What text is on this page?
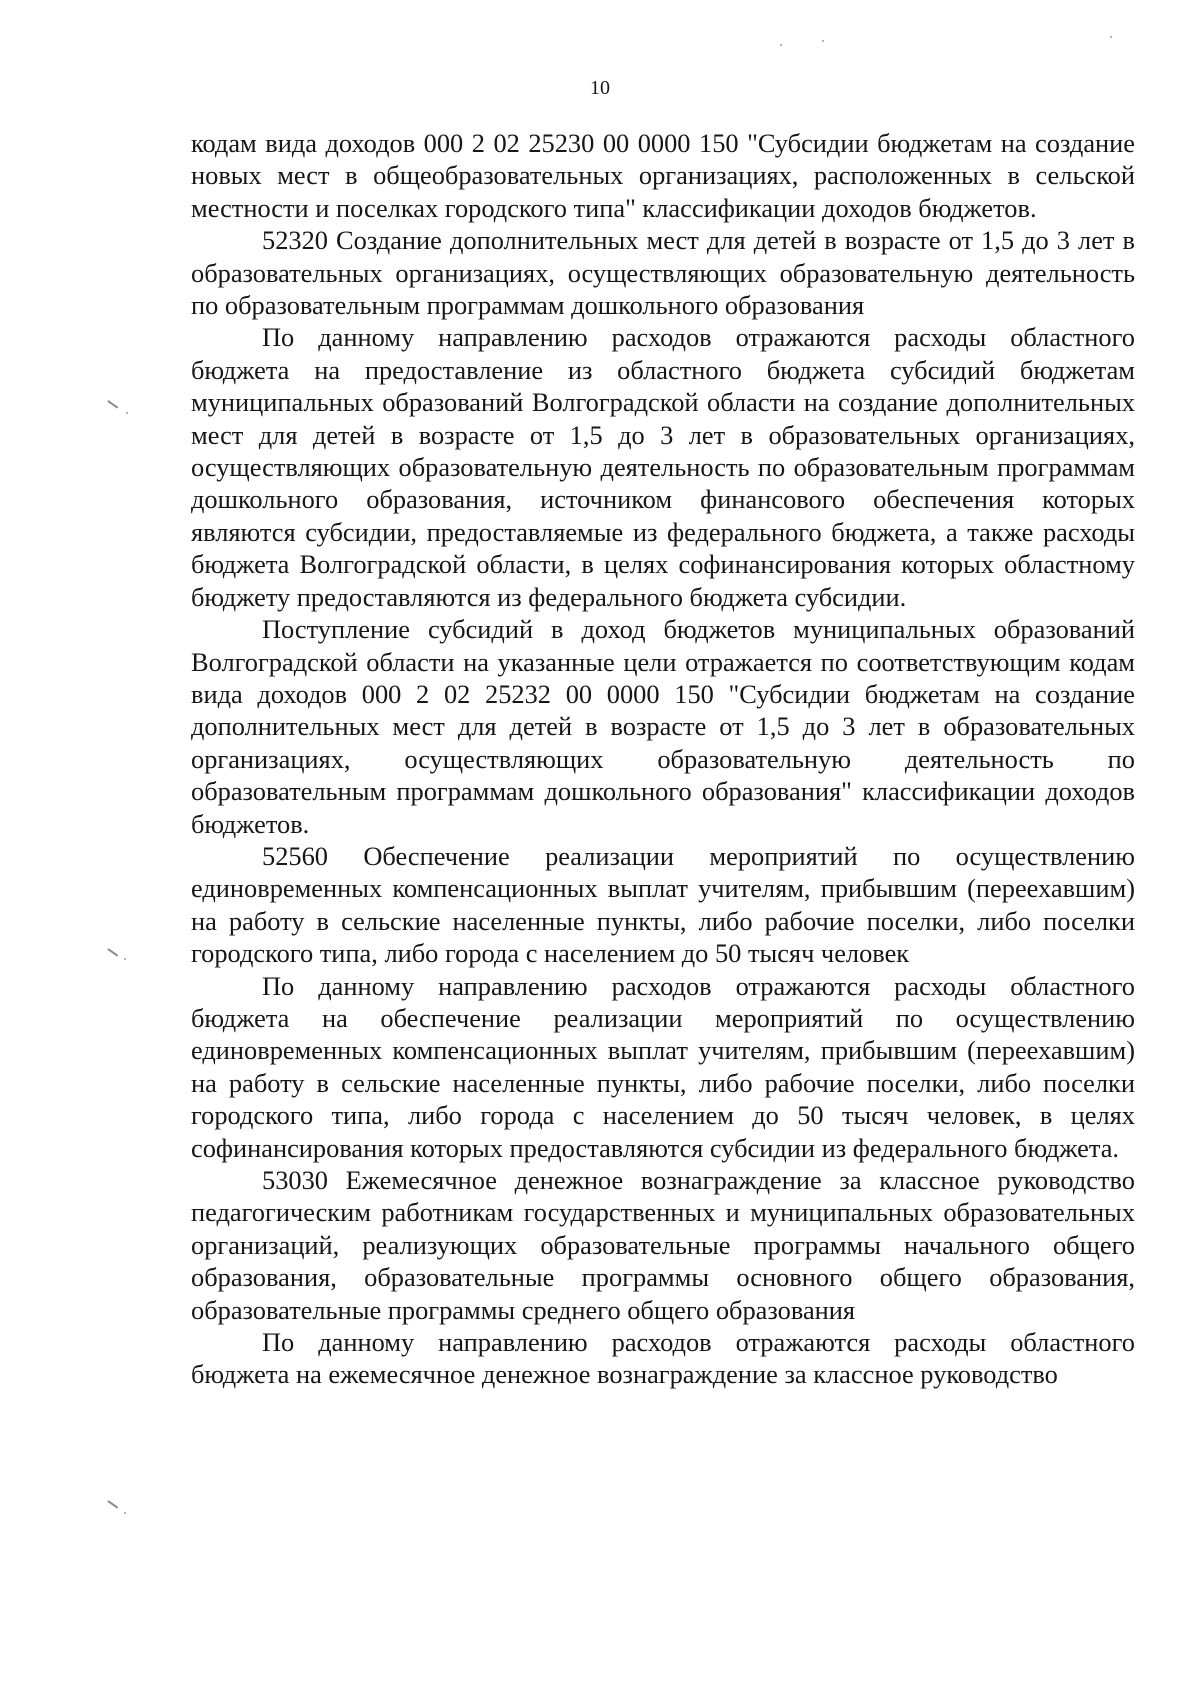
10

кодам вида доходов 000 2 02 25230 00 0000 150 "Субсидии бюджетам на создание новых мест в общеобразовательных организациях, расположенных в сельской местности и поселках городского типа" классификации доходов бюджетов.

52320 Создание дополнительных мест для детей в возрасте от 1,5 до 3 лет в образовательных организациях, осуществляющих образовательную деятельность по образовательным программам дошкольного образования

По данному направлению расходов отражаются расходы областного бюджета на предоставление из областного бюджета субсидий бюджетам муниципальных образований Волгоградской области на создание дополнительных мест для детей в возрасте от 1,5 до 3 лет в образовательных организациях, осуществляющих образовательную деятельность по образовательным программам дошкольного образования, источником финансового обеспечения которых являются субсидии, предоставляемые из федерального бюджета, а также расходы бюджета Волгоградской области, в целях софинансирования которых областному бюджету предоставляются из федерального бюджета субсидии.

Поступление субсидий в доход бюджетов муниципальных образований Волгоградской области на указанные цели отражается по соответствующим кодам вида доходов 000 2 02 25232 00 0000 150 "Субсидии бюджетам на создание дополнительных мест для детей в возрасте от 1,5 до 3 лет в образовательных организациях, осуществляющих образовательную деятельность по образовательным программам дошкольного образования" классификации доходов бюджетов.

52560 Обеспечение реализации мероприятий по осуществлению единовременных компенсационных выплат учителям, прибывшим (переехавшим) на работу в сельские населенные пункты, либо рабочие поселки, либо поселки городского типа, либо города с населением до 50 тысяч человек

По данному направлению расходов отражаются расходы областного бюджета на обеспечение реализации мероприятий по осуществлению единовременных компенсационных выплат учителям, прибывшим (переехавшим) на работу в сельские населенные пункты, либо рабочие поселки, либо поселки городского типа, либо города с населением до 50 тысяч человек, в целях софинансирования которых предоставляются субсидии из федерального бюджета.

53030 Ежемесячное денежное вознаграждение за классное руководство педагогическим работникам государственных и муниципальных образовательных организаций, реализующих образовательные программы начального общего образования, образовательные программы основного общего образования, образовательные программы среднего общего образования

По данному направлению расходов отражаются расходы областного бюджета на ежемесячное денежное вознаграждение за классное руководство
